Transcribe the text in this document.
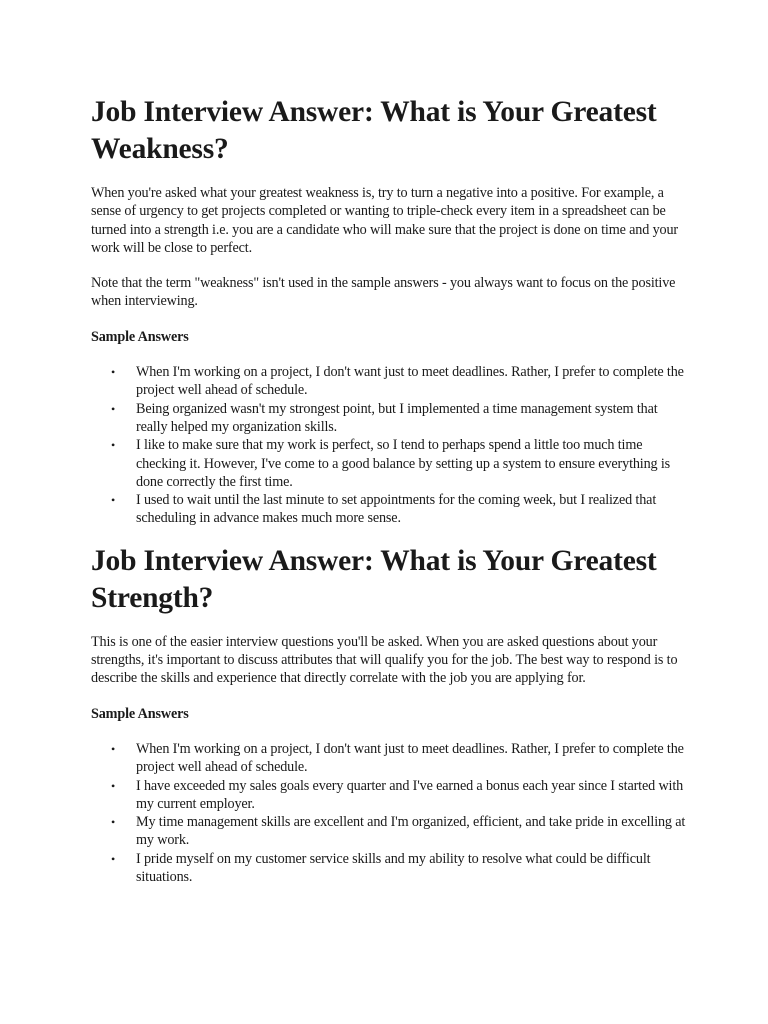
Job Interview Answer: What is Your Greatest Weakness?

When you're asked what your greatest weakness is, try to turn a negative into a positive. For example, a sense of urgency to get projects completed or wanting to triple-check every item in a spreadsheet can be turned into a strength i.e. you are a candidate who will make sure that the project is done on time and your work will be close to perfect.

Note that the term "weakness" isn't used in the sample answers - you always want to focus on the positive when interviewing.

Sample Answers

• When I'm working on a project, I don't want just to meet deadlines. Rather, I prefer to complete the project well ahead of schedule.
• Being organized wasn't my strongest point, but I implemented a time management system that really helped my organization skills.
• I like to make sure that my work is perfect, so I tend to perhaps spend a little too much time checking it. However, I've come to a good balance by setting up a system to ensure everything is done correctly the first time.
• I used to wait until the last minute to set appointments for the coming week, but I realized that scheduling in advance makes much more sense.
Job Interview Answer: What is Your Greatest Strength?

This is one of the easier interview questions you'll be asked. When you are asked questions about your strengths, it's important to discuss attributes that will qualify you for the job. The best way to respond is to describe the skills and experience that directly correlate with the job you are applying for.

Sample Answers

• When I'm working on a project, I don't want just to meet deadlines. Rather, I prefer to complete the project well ahead of schedule.
• I have exceeded my sales goals every quarter and I've earned a bonus each year since I started with my current employer.
• My time management skills are excellent and I'm organized, efficient, and take pride in excelling at my work.
• I pride myself on my customer service skills and my ability to resolve what could be difficult situations.
